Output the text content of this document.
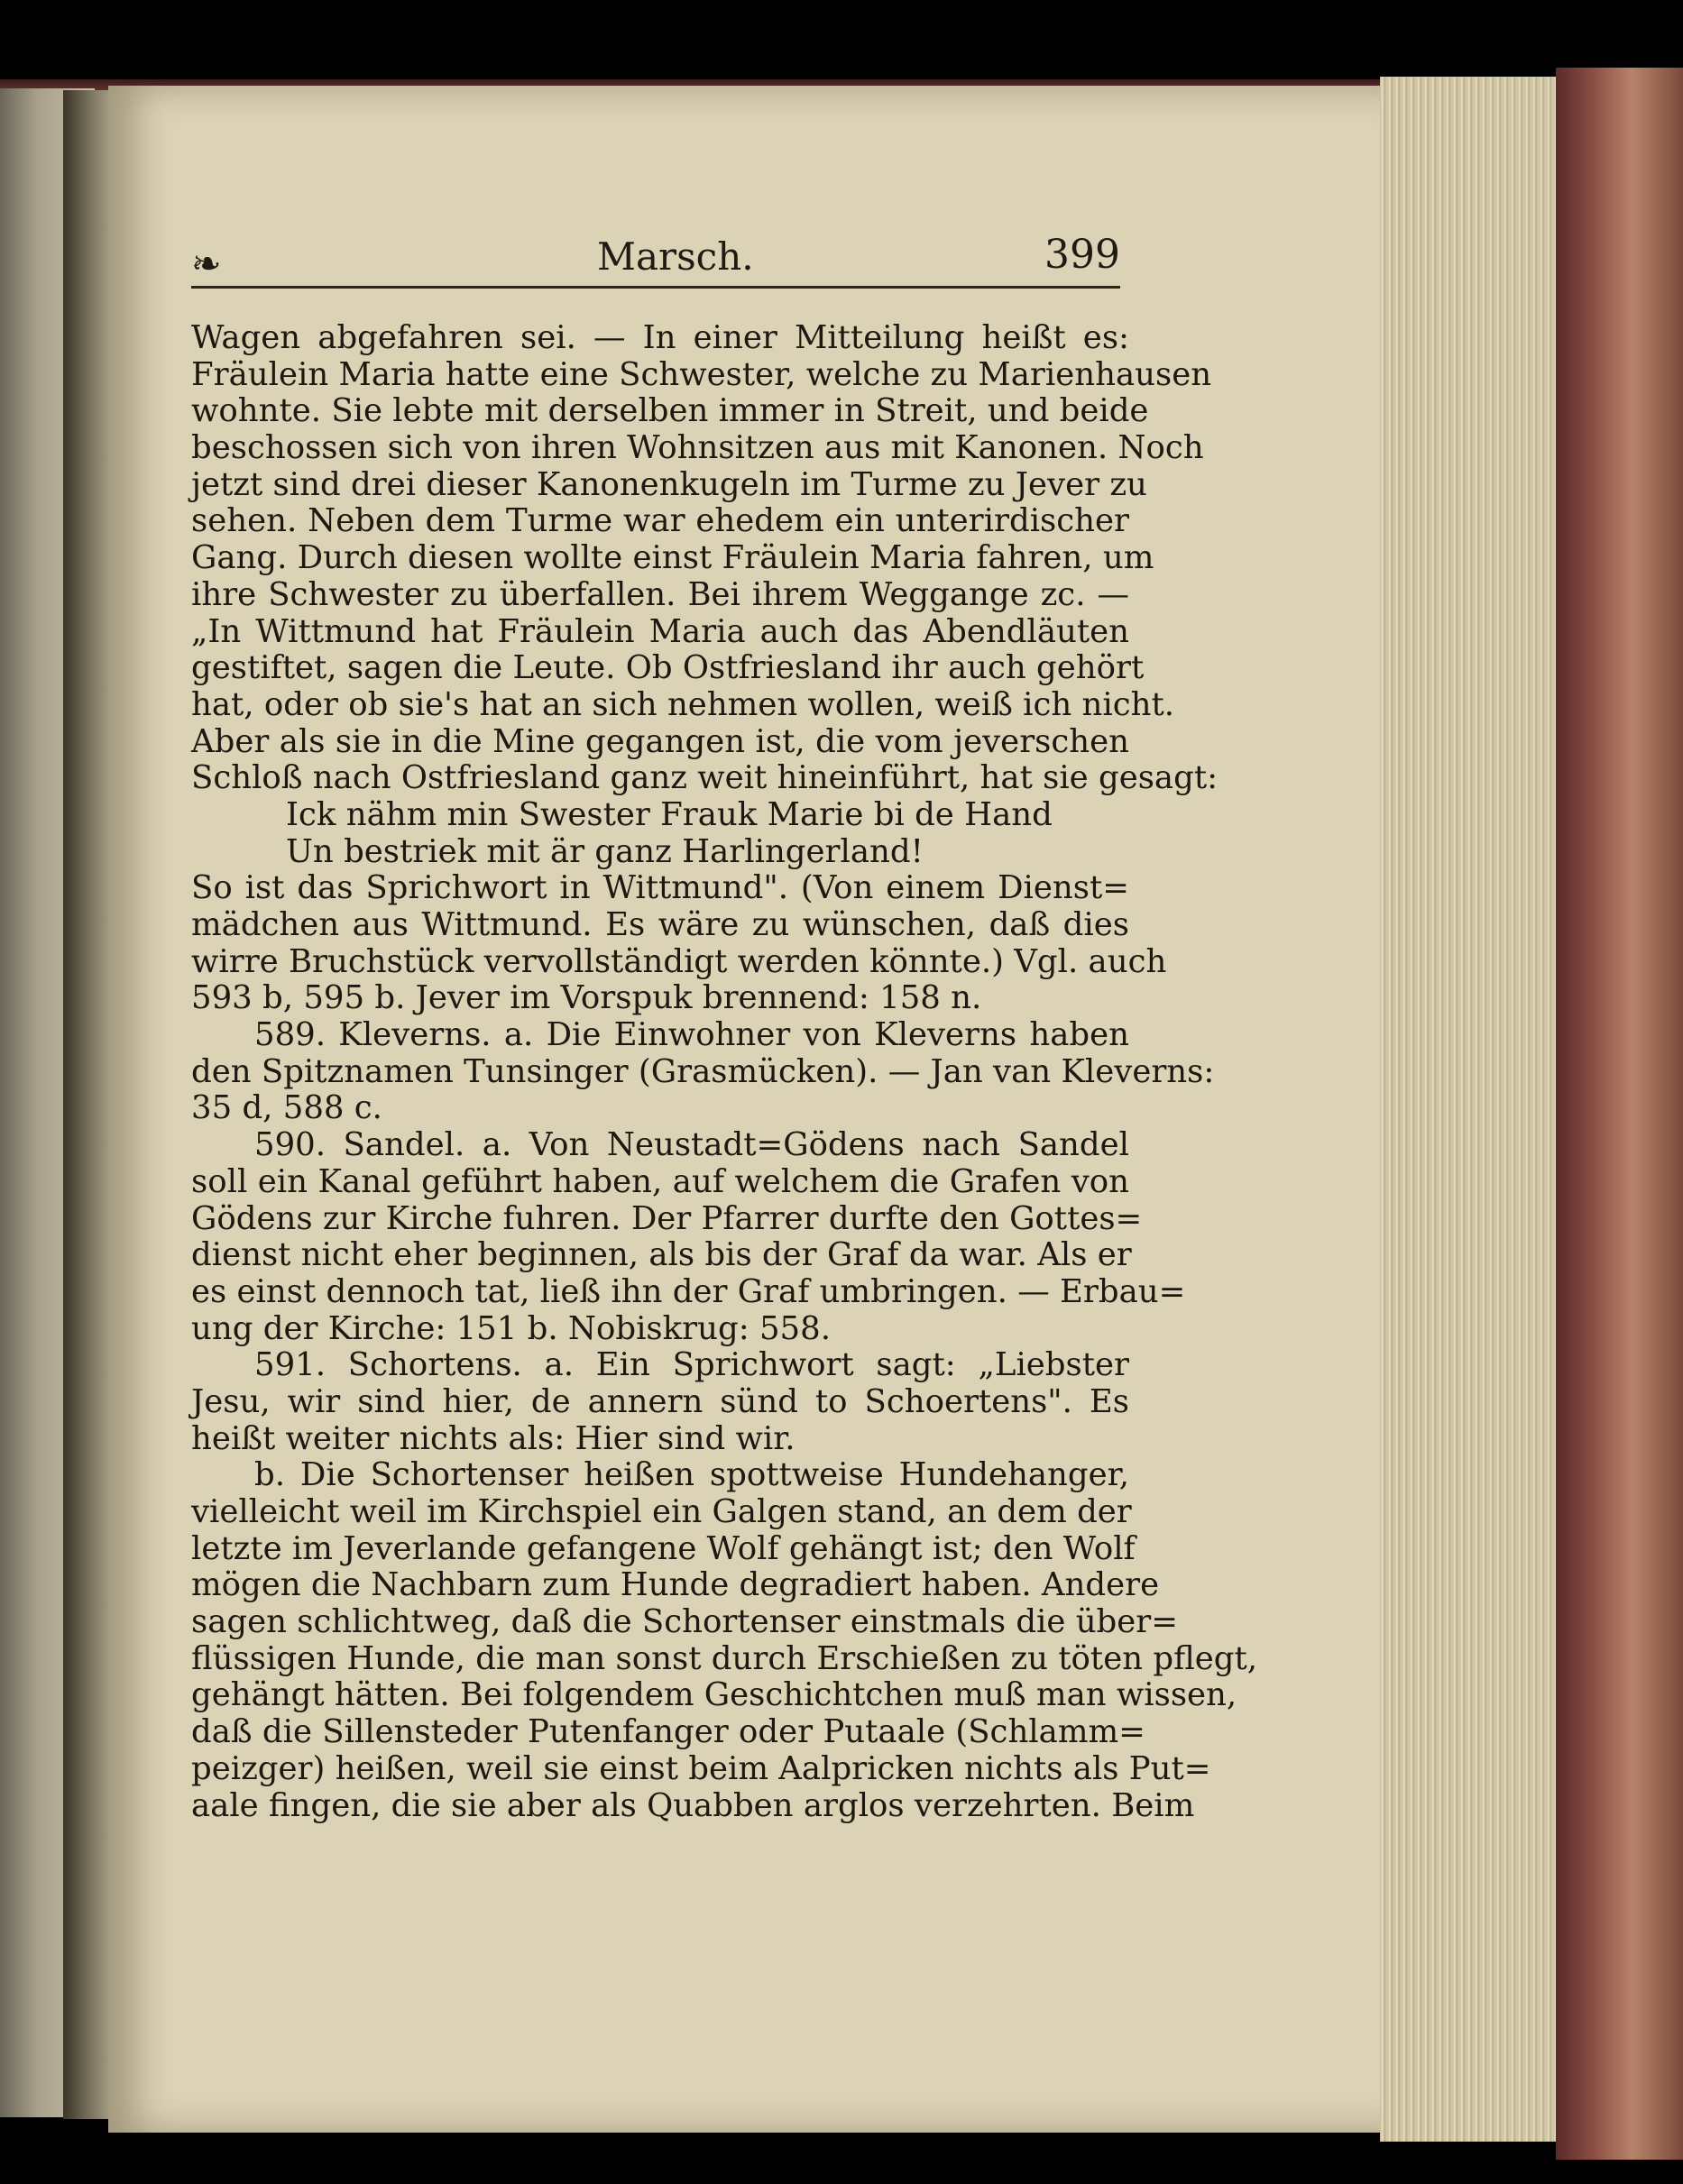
❧	Marsch.	399
Wagen abgefahren sei. — In einer Mitteilung heißt es:
Fräulein Maria hatte eine Schwester, welche zu Marienhausen
wohnte. Sie lebte mit derselben immer in Streit, und beide
beschossen sich von ihren Wohnsitzen aus mit Kanonen. Noch
jetzt sind drei dieser Kanonenkugeln im Turme zu Jever zu
sehen. Neben dem Turme war ehedem ein unterirdischer
Gang. Durch diesen wollte einst Fräulein Maria fahren, um
ihre Schwester zu überfallen. Bei ihrem Weggange zc. —
„In Wittmund hat Fräulein Maria auch das Abendläuten
gestiftet, sagen die Leute. Ob Ostfriesland ihr auch gehört
hat, oder ob sie's hat an sich nehmen wollen, weiß ich nicht.
Aber als sie in die Mine gegangen ist, die vom jeverschen
Schloß nach Ostfriesland ganz weit hineinführt, hat sie gesagt:
Ick nähm min Swester Frauk Marie bi de Hand
Un bestriek mit är ganz Harlingerland!
So ist das Sprichwort in Wittmund". (Von einem Dienst=
mädchen aus Wittmund. Es wäre zu wünschen, daß dies
wirre Bruchstück vervollständigt werden könnte.) Vgl. auch
593 b, 595 b. Jever im Vorspuk brennend: 158 n.
589. Kleverns. a. Die Einwohner von Kleverns haben
den Spitznamen Tunsinger (Grasmücken). — Jan van Kleverns:
35 d, 588 c.
590. Sandel. a. Von Neustadt=Gödens nach Sandel
soll ein Kanal geführt haben, auf welchem die Grafen von
Gödens zur Kirche fuhren. Der Pfarrer durfte den Gottes=
dienst nicht eher beginnen, als bis der Graf da war. Als er
es einst dennoch tat, ließ ihn der Graf umbringen. — Erbau=
ung der Kirche: 151 b. Nobiskrug: 558.
591. Schortens. a. Ein Sprichwort sagt: „Liebster
Jesu, wir sind hier, de annern sünd to Schoertens". Es
heißt weiter nichts als: Hier sind wir.
b. Die Schortenser heißen spottweise Hundehanger,
vielleicht weil im Kirchspiel ein Galgen stand, an dem der
letzte im Jeverlande gefangene Wolf gehängt ist; den Wolf
mögen die Nachbarn zum Hunde degradiert haben. Andere
sagen schlichtweg, daß die Schortenser einstmals die über=
flüssigen Hunde, die man sonst durch Erschießen zu töten pflegt,
gehängt hätten. Bei folgendem Geschichtchen muß man wissen,
daß die Sillensteder Putenfanger oder Putaale (Schlamm=
peizger) heißen, weil sie einst beim Aalpricken nichts als Put=
aale fingen, die sie aber als Quabben arglos verzehrten. Beim
